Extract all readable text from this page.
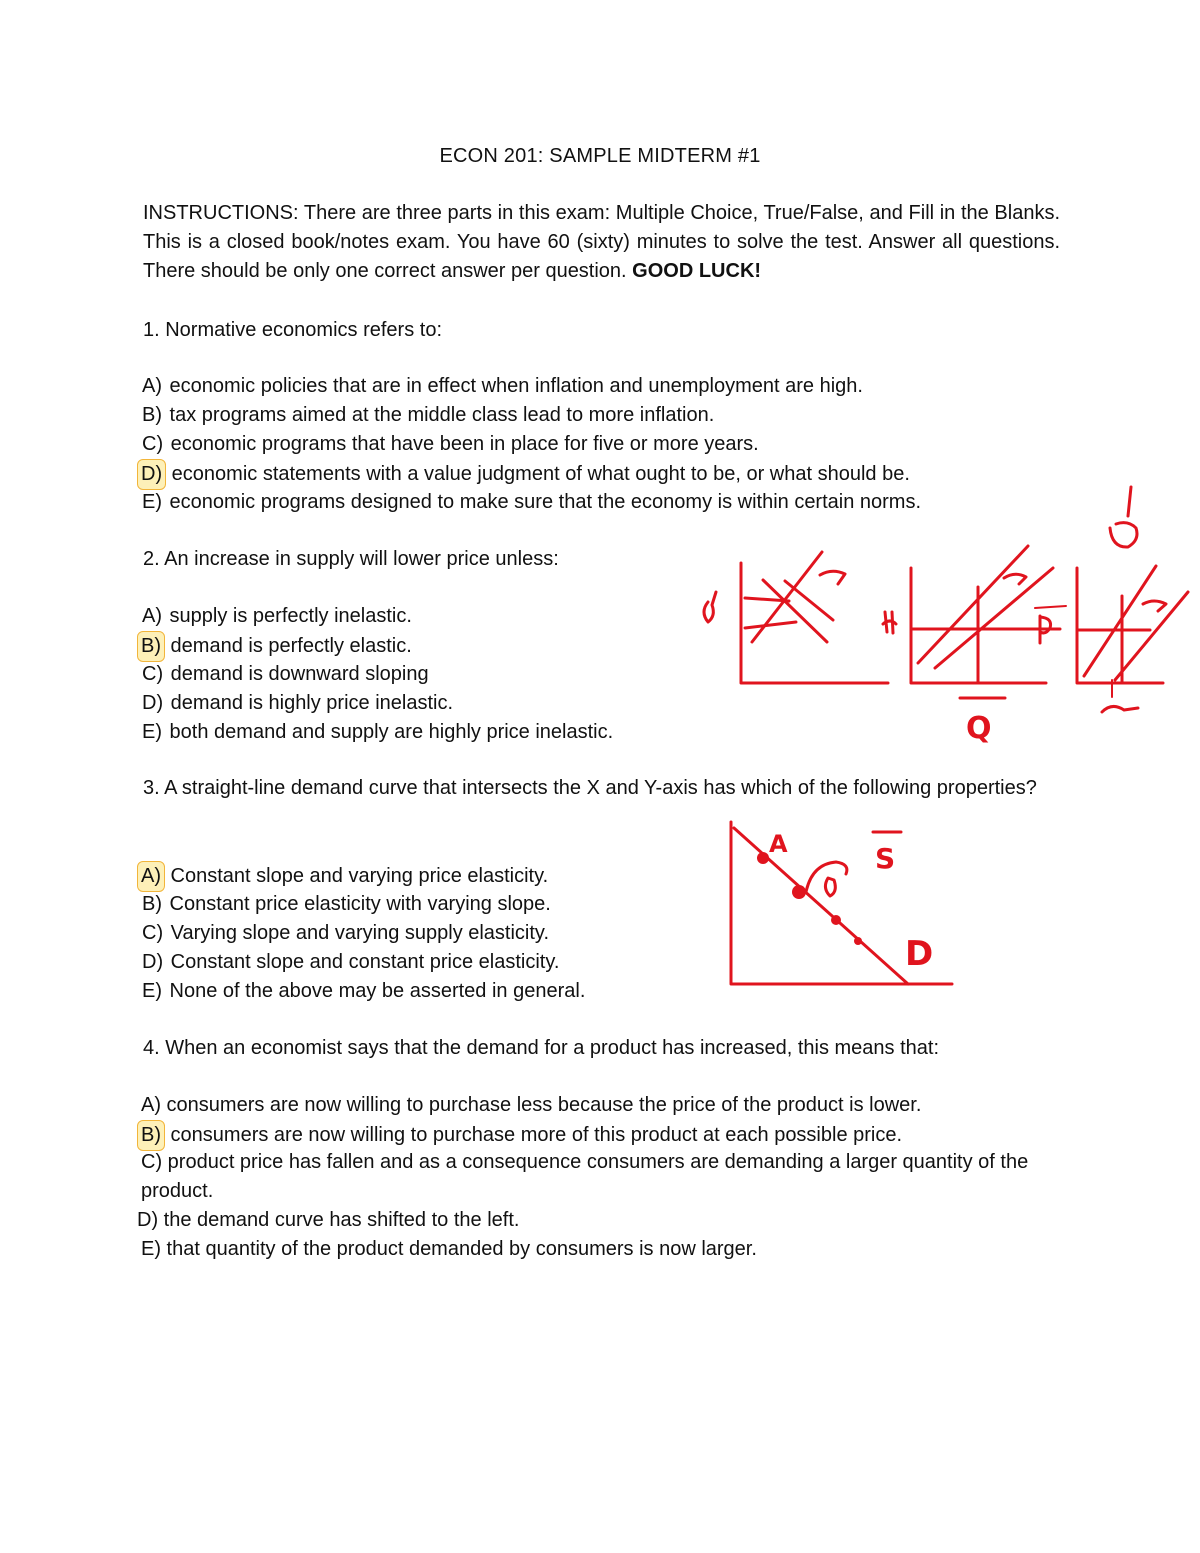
ECON 201: SAMPLE MIDTERM #1
INSTRUCTIONS: There are three parts in this exam: Multiple Choice, True/False, and Fill in the Blanks. This is a closed book/notes exam. You have 60 (sixty) minutes to solve the test. Answer all questions. There should be only one correct answer per question. GOOD LUCK!
1. Normative economics refers to:
A) economic policies that are in effect when inflation and unemployment are high.
B) tax programs aimed at the middle class lead to more inflation.
C) economic programs that have been in place for five or more years.
D) economic statements with a value judgment of what ought to be, or what should be.
E) economic programs designed to make sure that the economy is within certain norms.
2. An increase in supply will lower price unless:
A) supply is perfectly inelastic.
B) demand is perfectly elastic.
C) demand is downward sloping
D) demand is highly price inelastic.
E) both demand and supply are highly price inelastic.
3. A straight-line demand curve that intersects the X and Y-axis has which of the following properties?
A) Constant slope and varying price elasticity.
B) Constant price elasticity with varying slope.
C) Varying slope and varying supply elasticity.
D) Constant slope and constant price elasticity.
E) None of the above may be asserted in general.
4. When an economist says that the demand for a product has increased, this means that:
A) consumers are now willing to purchase less because the price of the product is lower.
B) consumers are now willing to purchase more of this product at each possible price.
C) product price has fallen and as a consequence consumers are demanding a larger quantity of the product.
D) the demand curve has shifted to the left.
E) that quantity of the product demanded by consumers is now larger.
Q
A	S
D
